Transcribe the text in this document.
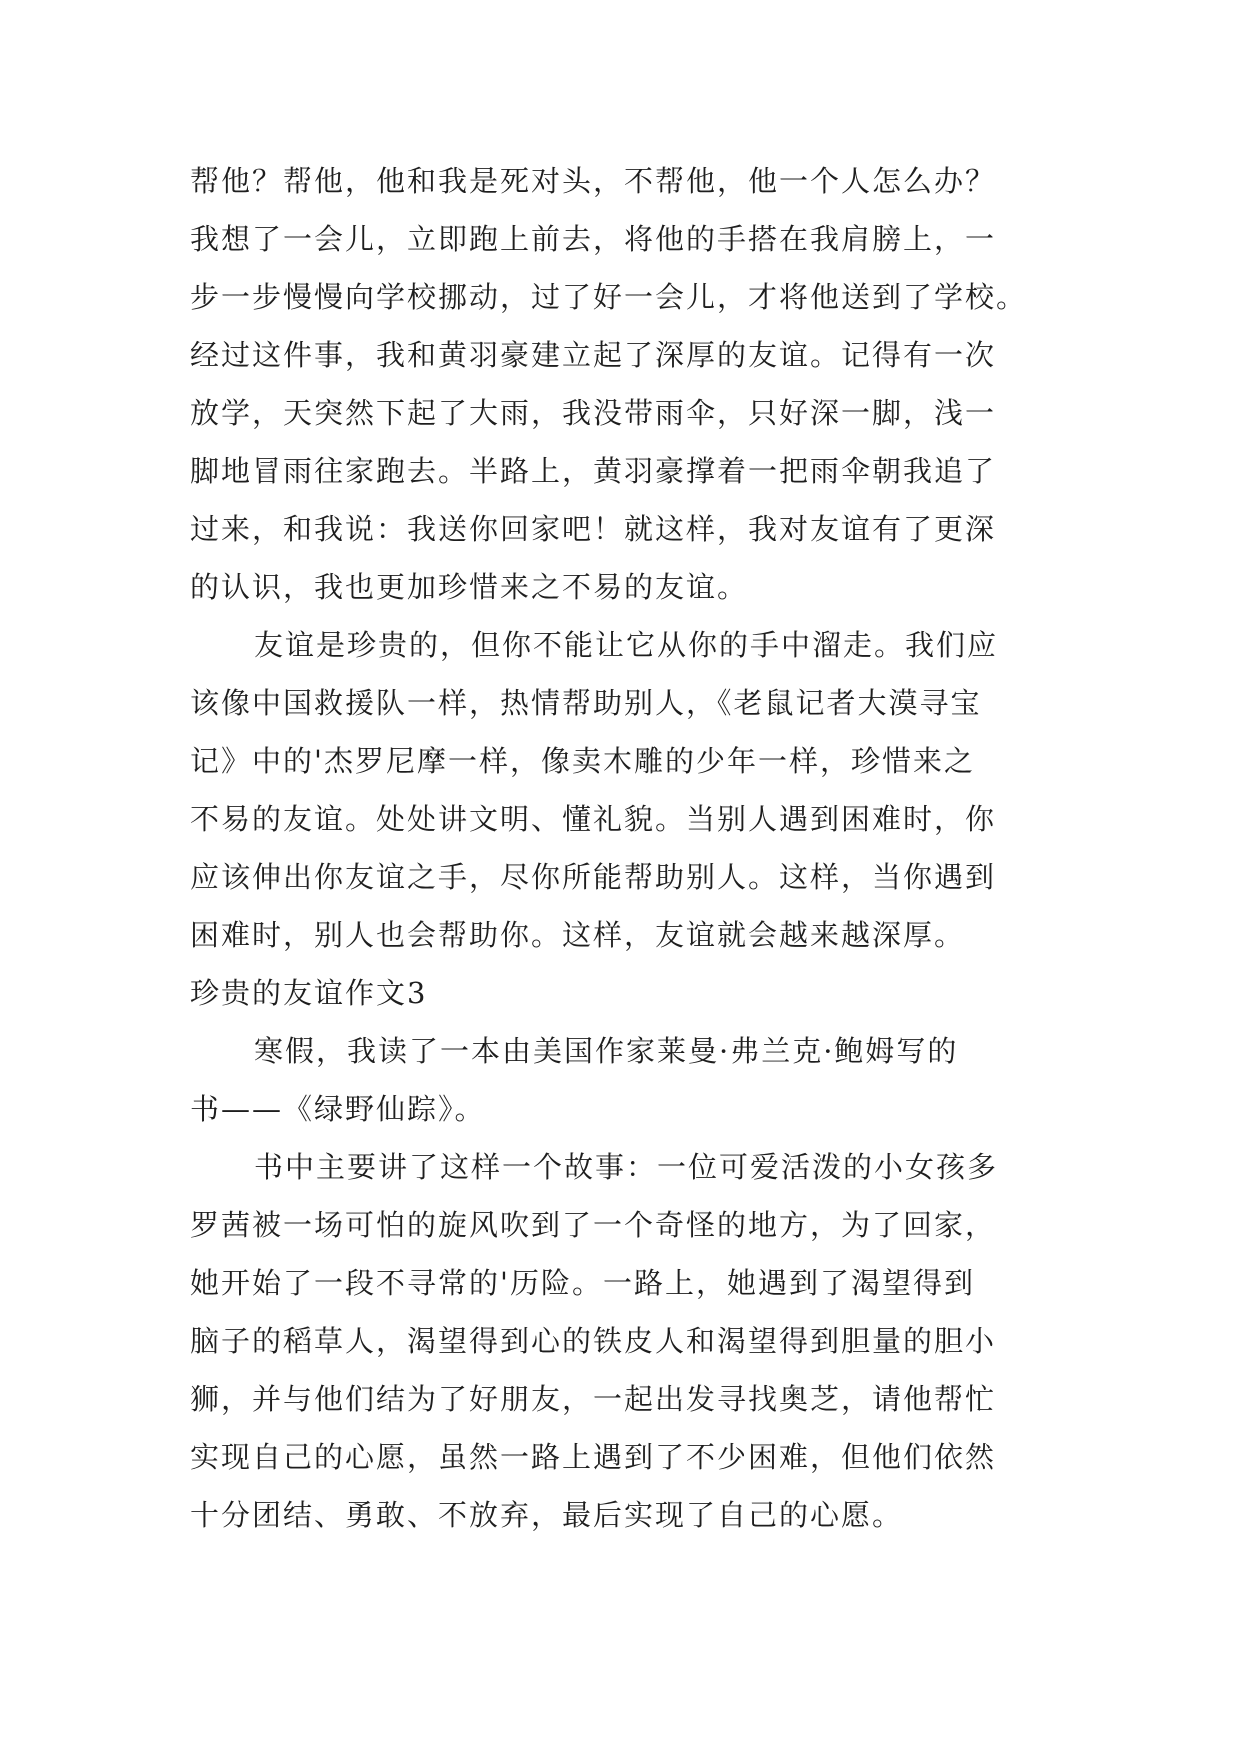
帮他？帮他，他和我是死对头，不帮他，他一个人怎么办？
我想了一会儿，立即跑上前去，将他的手搭在我肩膀上，一
步一步慢慢向学校挪动，过了好一会儿，才将他送到了学校。
经过这件事，我和黄羽豪建立起了深厚的友谊。记得有一次
放学，天突然下起了大雨，我没带雨伞，只好深一脚，浅一
脚地冒雨往家跑去。半路上，黄羽豪撑着一把雨伞朝我追了
过来，和我说：我送你回家吧！就这样，我对友谊有了更深
的认识，我也更加珍惜来之不易的友谊。
友谊是珍贵的，但你不能让它从你的手中溜走。我们应
该像中国救援队一样，热情帮助别人，《老鼠记者大漠寻宝
记》中的'杰罗尼摩一样，像卖木雕的少年一样，珍惜来之
不易的友谊。处处讲文明、懂礼貌。当别人遇到困难时，你
应该伸出你友谊之手，尽你所能帮助别人。这样，当你遇到
困难时，别人也会帮助你。这样，友谊就会越来越深厚。
珍贵的友谊作文3
寒假，我读了一本由美国作家莱曼·弗兰克·鲍姆写的
书——《绿野仙踪》。
书中主要讲了这样一个故事：一位可爱活泼的小女孩多
罗茜被一场可怕的旋风吹到了一个奇怪的地方，为了回家，
她开始了一段不寻常的'历险。一路上，她遇到了渴望得到
脑子的稻草人，渴望得到心的铁皮人和渴望得到胆量的胆小
狮，并与他们结为了好朋友，一起出发寻找奥芝，请他帮忙
实现自己的心愿，虽然一路上遇到了不少困难，但他们依然
十分团结、勇敢、不放弃，最后实现了自己的心愿。
